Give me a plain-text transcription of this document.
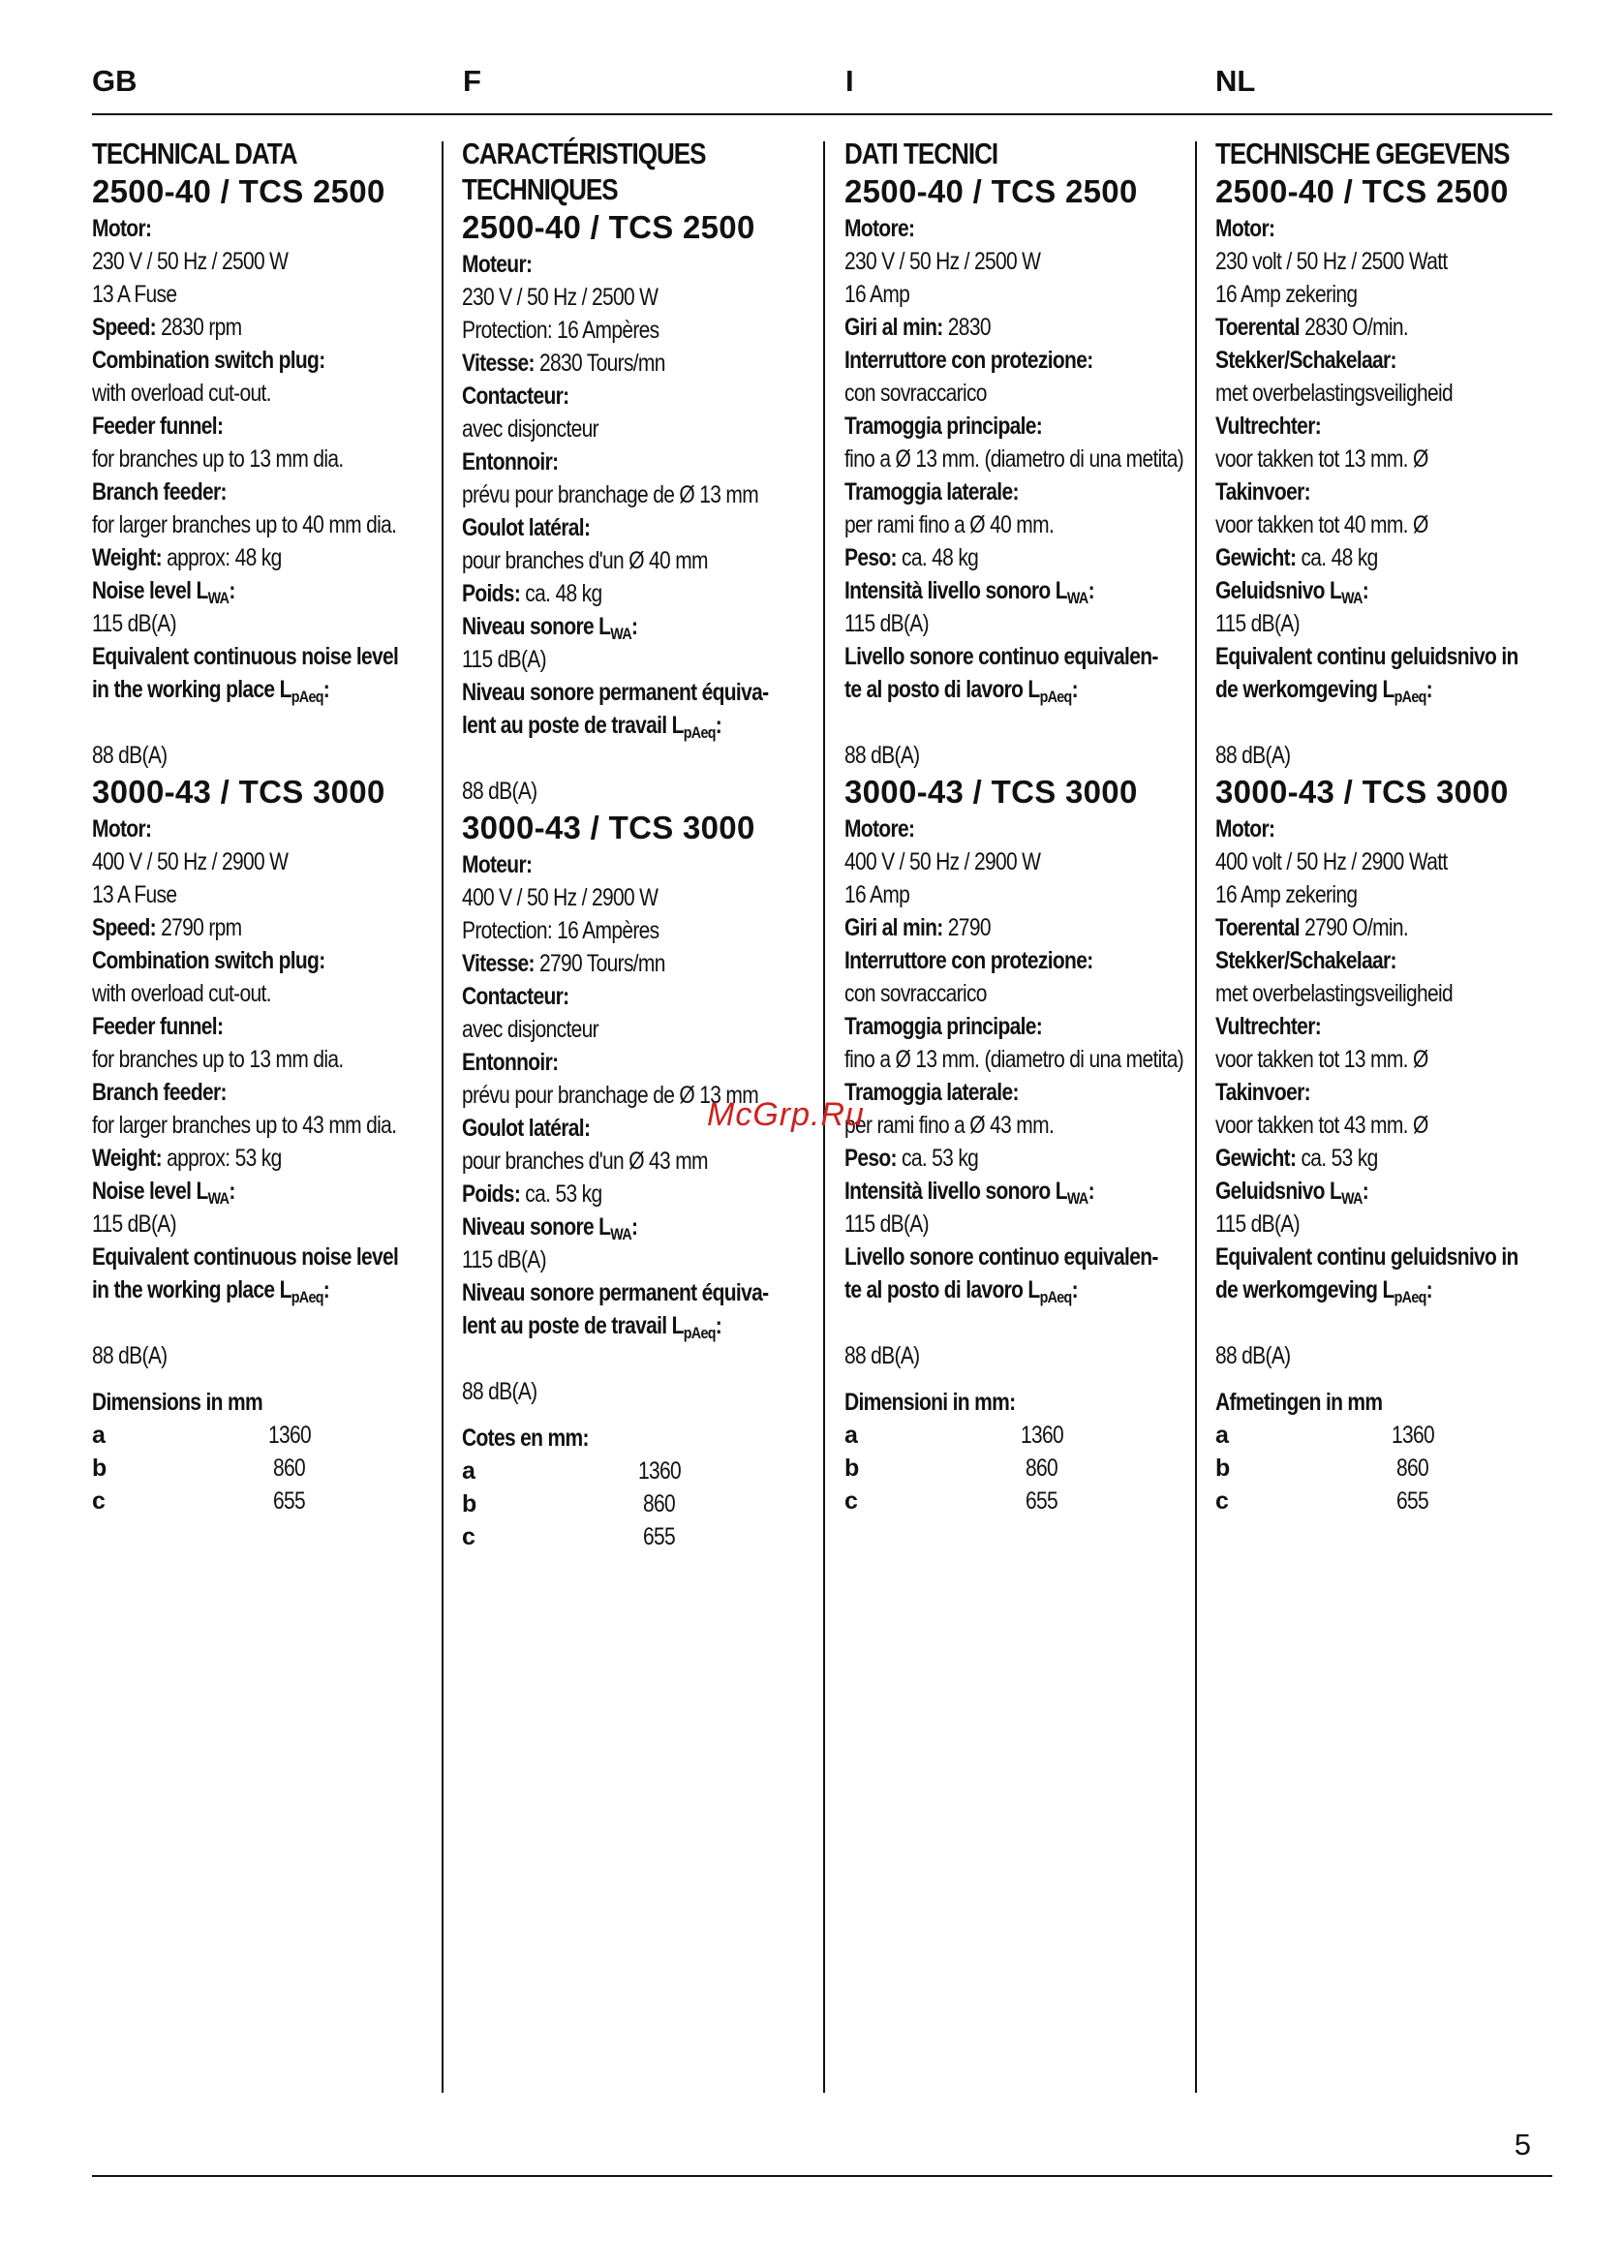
GB	F	I	NL
TECHNICAL DATA
2500-40 / TCS 2500
Motor:
230 V / 50 Hz / 2500 W
13 A Fuse
Speed: 2830 rpm
Combination switch plug:
with overload cut-out.
Feeder funnel:
for branches up to 13 mm dia.
Branch feeder:
for larger branches up to 40 mm dia.
Weight: approx: 48 kg
Noise level $L_{WA}$:
115 dB(A)
Equivalent continuous noise level
in the working place $L_{pAeq}$:
88 dB(A)
3000-43 / TCS 3000
Motor:
400 V / 50 Hz / 2900 W
13 A Fuse
Speed: 2790 rpm
Combination switch plug:
with overload cut-out.
Feeder funnel:
for branches up to 13 mm dia.
Branch feeder:
for larger branches up to 43 mm dia.
Weight: approx: 53 kg
Noise level $L_{WA}$:
115 dB(A)
Equivalent continuous noise level
in the working place $L_{pAeq}$:
88 dB(A)
Dimensions in mm
a	1360
b	860
c	655
CARACTÉRISTIQUES
TECHNIQUES
2500-40 / TCS 2500
Moteur:
230 V / 50 Hz / 2500 W
Protection: 16 Ampères
Vitesse: 2830 Tours/mn
Contacteur:
avec disjoncteur
Entonnoir:
prévu pour branchage de Ø 13 mm
Goulot latéral:
pour branches d'un Ø 40 mm
Poids: ca. 48 kg
Niveau sonore $L_{WA}$:
115 dB(A)
Niveau sonore permanent équiva-
lent au poste de travail $L_{pAeq}$:
88 dB(A)
3000-43 / TCS 3000
Moteur:
400 V / 50 Hz / 2900 W
Protection: 16 Ampères
Vitesse: 2790 Tours/mn
Contacteur:
avec disjoncteur
Entonnoir:
prévu pour branchage de Ø 13 mm
Goulot latéral:
pour branches d'un Ø 43 mm
Poids: ca. 53 kg
Niveau sonore $L_{WA}$:
115 dB(A)
Niveau sonore permanent équiva-
lent au poste de travail $L_{pAeq}$:
88 dB(A)
Cotes en mm:
a	1360
b	860
c	655
DATI TECNICI
2500-40 / TCS 2500
Motore:
230 V / 50 Hz / 2500 W
16 Amp
Giri al min: 2830
Interruttore con protezione:
con sovraccarico
Tramoggia principale:
fino a Ø 13 mm. (diametro di una metita)
Tramoggia laterale:
per rami fino a Ø 40 mm.
Peso: ca. 48 kg
Intensità livello sonoro $L_{WA}$:
115 dB(A)
Livello sonore continuo equivalen-
te al posto di lavoro $L_{pAeq}$:
88 dB(A)
3000-43 / TCS 3000
Motore:
400 V / 50 Hz / 2900 W
16 Amp
Giri al min: 2790
Interruttore con protezione:
con sovraccarico
Tramoggia principale:
fino a Ø 13 mm. (diametro di una metita)
Tramoggia laterale:
per rami fino a Ø 43 mm.
Peso: ca. 53 kg
Intensità livello sonoro $L_{WA}$:
115 dB(A)
Livello sonore continuo equivalen-
te al posto di lavoro $L_{pAeq}$:
88 dB(A)
Dimensioni in mm:
a	1360
b	860
c	655
TECHNISCHE GEGEVENS
2500-40 / TCS 2500
Motor:
230 volt / 50 Hz / 2500 Watt
16 Amp zekering
Toerental 2830 O/min.
Stekker/Schakelaar:
met overbelastingsveiligheid
Vultrechter:
voor takken tot 13 mm. Ø
Takinvoer:
voor takken tot 40 mm. Ø
Gewicht: ca. 48 kg
Geluidsnivo $L_{WA}$:
115 dB(A)
Equivalent continu geluidsnivo in
de werkomgeving $L_{pAeq}$:
88 dB(A)
3000-43 / TCS 3000
Motor:
400 volt / 50 Hz / 2900 Watt
16 Amp zekering
Toerental 2790 O/min.
Stekker/Schakelaar:
met overbelastingsveiligheid
Vultrechter:
voor takken tot 13 mm. Ø
Takinvoer:
voor takken tot 43 mm. Ø
Gewicht: ca. 53 kg
Geluidsnivo $L_{WA}$:
115 dB(A)
Equivalent continu geluidsnivo in
de werkomgeving $L_{pAeq}$:
88 dB(A)
Afmetingen in mm
a	1360
b	860
c	655
McGrp.Ru
5
